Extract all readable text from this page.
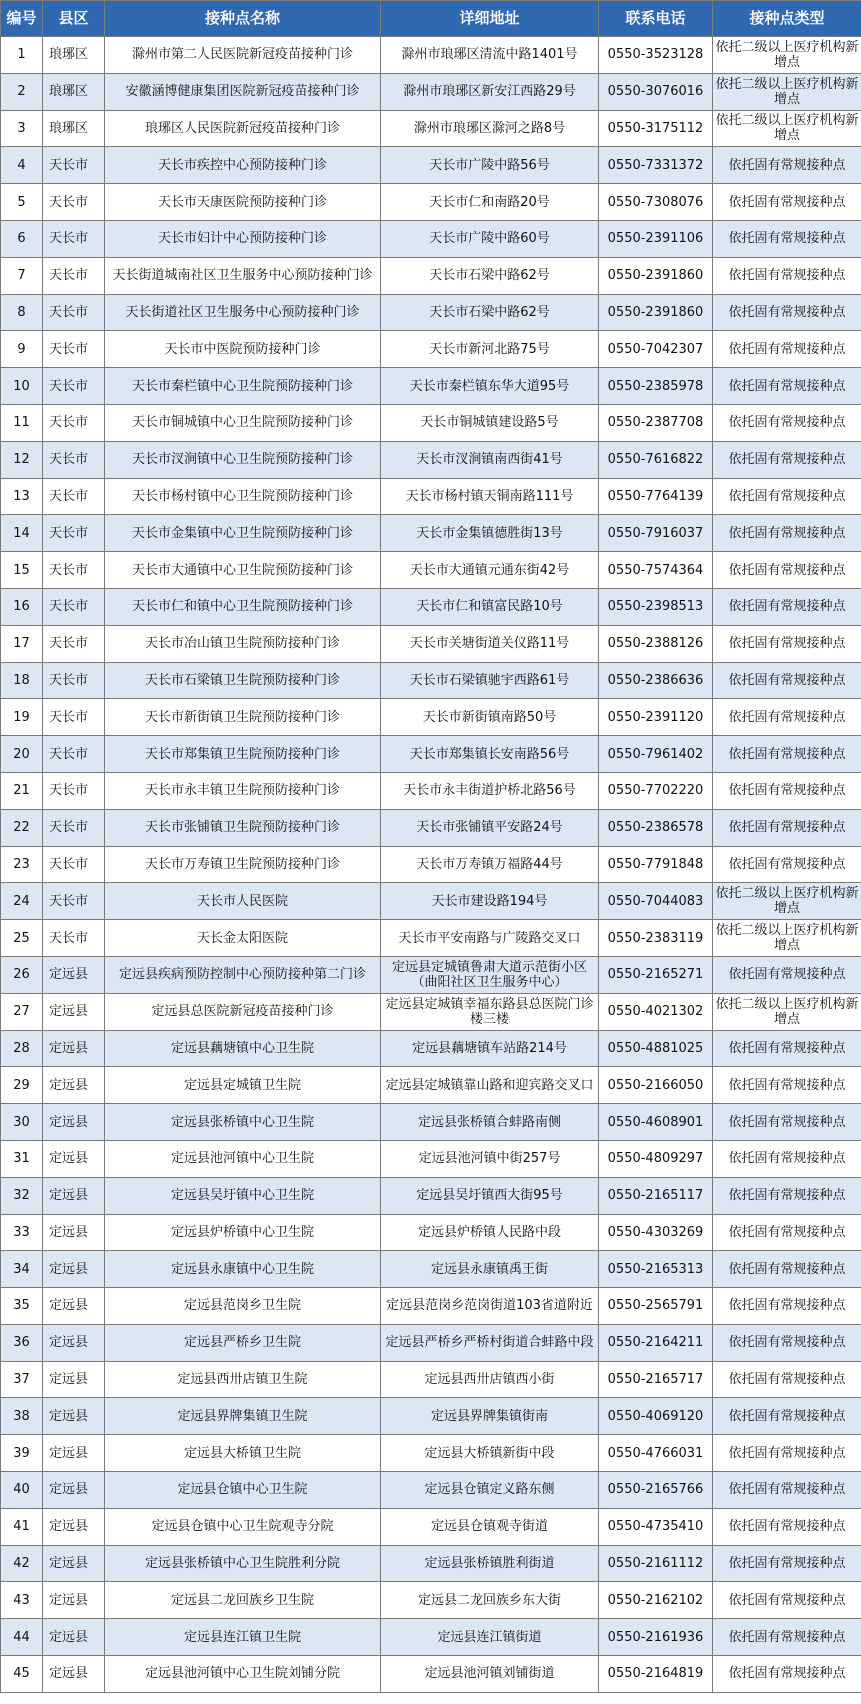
编号	县区	接种点名称	详细地址	联系电话	接种点类型
1	琅琊区	滁州市第二人民医院新冠疫苗接种门诊	滁州市琅琊区清流中路1401号	0550-3523128	依托二级以上医疗机构新增点
2	琅琊区	安徽涵博健康集团医院新冠疫苗接种门诊	滁州市琅琊区新安江西路29号	0550-3076016	依托二级以上医疗机构新增点
3	琅琊区	琅琊区人民医院新冠疫苗接种门诊	滁州市琅琊区滁河之路8号	0550-3175112	依托二级以上医疗机构新增点
4	天长市	天长市疾控中心预防接种门诊	天长市广陵中路56号	0550-7331372	依托固有常规接种点
5	天长市	天长市天康医院预防接种门诊	天长市仁和南路20号	0550-7308076	依托固有常规接种点
6	天长市	天长市妇计中心预防接种门诊	天长市广陵中路60号	0550-2391106	依托固有常规接种点
7	天长市	天长街道城南社区卫生服务中心预防接种门诊	天长市石梁中路62号	0550-2391860	依托固有常规接种点
8	天长市	天长街道社区卫生服务中心预防接种门诊	天长市石梁中路62号	0550-2391860	依托固有常规接种点
9	天长市	天长市中医院预防接种门诊	天长市新河北路75号	0550-7042307	依托固有常规接种点
10	天长市	天长市秦栏镇中心卫生院预防接种门诊	天长市秦栏镇东华大道95号	0550-2385978	依托固有常规接种点
11	天长市	天长市铜城镇中心卫生院预防接种门诊	天长市铜城镇建设路5号	0550-2387708	依托固有常规接种点
12	天长市	天长市汊涧镇中心卫生院预防接种门诊	天长市汊涧镇南西街41号	0550-7616822	依托固有常规接种点
13	天长市	天长市杨村镇中心卫生院预防接种门诊	天长市杨村镇天铜南路111号	0550-7764139	依托固有常规接种点
14	天长市	天长市金集镇中心卫生院预防接种门诊	天长市金集镇德胜街13号	0550-7916037	依托固有常规接种点
15	天长市	天长市大通镇中心卫生院预防接种门诊	天长市大通镇元通东街42号	0550-7574364	依托固有常规接种点
16	天长市	天长市仁和镇中心卫生院预防接种门诊	天长市仁和镇富民路10号	0550-2398513	依托固有常规接种点
17	天长市	天长市冶山镇卫生院预防接种门诊	天长市关塘街道关仪路11号	0550-2388126	依托固有常规接种点
18	天长市	天长市石梁镇卫生院预防接种门诊	天长市石梁镇驰宇西路61号	0550-2386636	依托固有常规接种点
19	天长市	天长市新街镇卫生院预防接种门诊	天长市新街镇南路50号	0550-2391120	依托固有常规接种点
20	天长市	天长市郑集镇卫生院预防接种门诊	天长市郑集镇长安南路56号	0550-7961402	依托固有常规接种点
21	天长市	天长市永丰镇卫生院预防接种门诊	天长市永丰街道护桥北路56号	0550-7702220	依托固有常规接种点
22	天长市	天长市张铺镇卫生院预防接种门诊	天长市张铺镇平安路24号	0550-2386578	依托固有常规接种点
23	天长市	天长市万寿镇卫生院预防接种门诊	天长市万寿镇万福路44号	0550-7791848	依托固有常规接种点
24	天长市	天长市人民医院	天长市建设路194号	0550-7044083	依托二级以上医疗机构新增点
25	天长市	天长金太阳医院	天长市平安南路与广陵路交叉口	0550-2383119	依托二级以上医疗机构新增点
26	定远县	定远县疾病预防控制中心预防接种第二门诊	定远县定城镇鲁肃大道示范街小区（曲阳社区卫生服务中心）	0550-2165271	依托固有常规接种点
27	定远县	定远县总医院新冠疫苗接种门诊	定远县定城镇幸福东路县总医院门诊楼三楼	0550-4021302	依托二级以上医疗机构新增点
28	定远县	定远县藕塘镇中心卫生院	定远县藕塘镇车站路214号	0550-4881025	依托固有常规接种点
29	定远县	定远县定城镇卫生院	定远县定城镇靠山路和迎宾路交叉口	0550-2166050	依托固有常规接种点
30	定远县	定远县张桥镇中心卫生院	定远县张桥镇合蚌路南侧	0550-4608901	依托固有常规接种点
31	定远县	定远县池河镇中心卫生院	定远县池河镇中街257号	0550-4809297	依托固有常规接种点
32	定远县	定远县吴圩镇中心卫生院	定远县吴圩镇西大街95号	0550-2165117	依托固有常规接种点
33	定远县	定远县炉桥镇中心卫生院	定远县炉桥镇人民路中段	0550-4303269	依托固有常规接种点
34	定远县	定远县永康镇中心卫生院	定远县永康镇禹王街	0550-2165313	依托固有常规接种点
35	定远县	定远县范岗乡卫生院	定远县范岗乡范岗街道103省道附近	0550-2565791	依托固有常规接种点
36	定远县	定远县严桥乡卫生院	定远县严桥乡严桥村街道合蚌路中段	0550-2164211	依托固有常规接种点
37	定远县	定远县西卅店镇卫生院	定远县西卅店镇西小街	0550-2165717	依托固有常规接种点
38	定远县	定远县界牌集镇卫生院	定远县界牌集镇街南	0550-4069120	依托固有常规接种点
39	定远县	定远县大桥镇卫生院	定远县大桥镇新街中段	0550-4766031	依托固有常规接种点
40	定远县	定远县仓镇中心卫生院	定远县仓镇定义路东侧	0550-2165766	依托固有常规接种点
41	定远县	定远县仓镇中心卫生院观寺分院	定远县仓镇观寺街道	0550-4735410	依托固有常规接种点
42	定远县	定远县张桥镇中心卫生院胜利分院	定远县张桥镇胜利街道	0550-2161112	依托固有常规接种点
43	定远县	定远县二龙回族乡卫生院	定远县二龙回族乡东大街	0550-2162102	依托固有常规接种点
44	定远县	定远县连江镇卫生院	定远县连江镇街道	0550-2161936	依托固有常规接种点
45	定远县	定远县池河镇中心卫生院刘铺分院	定远县池河镇刘铺街道	0550-2164819	依托固有常规接种点
